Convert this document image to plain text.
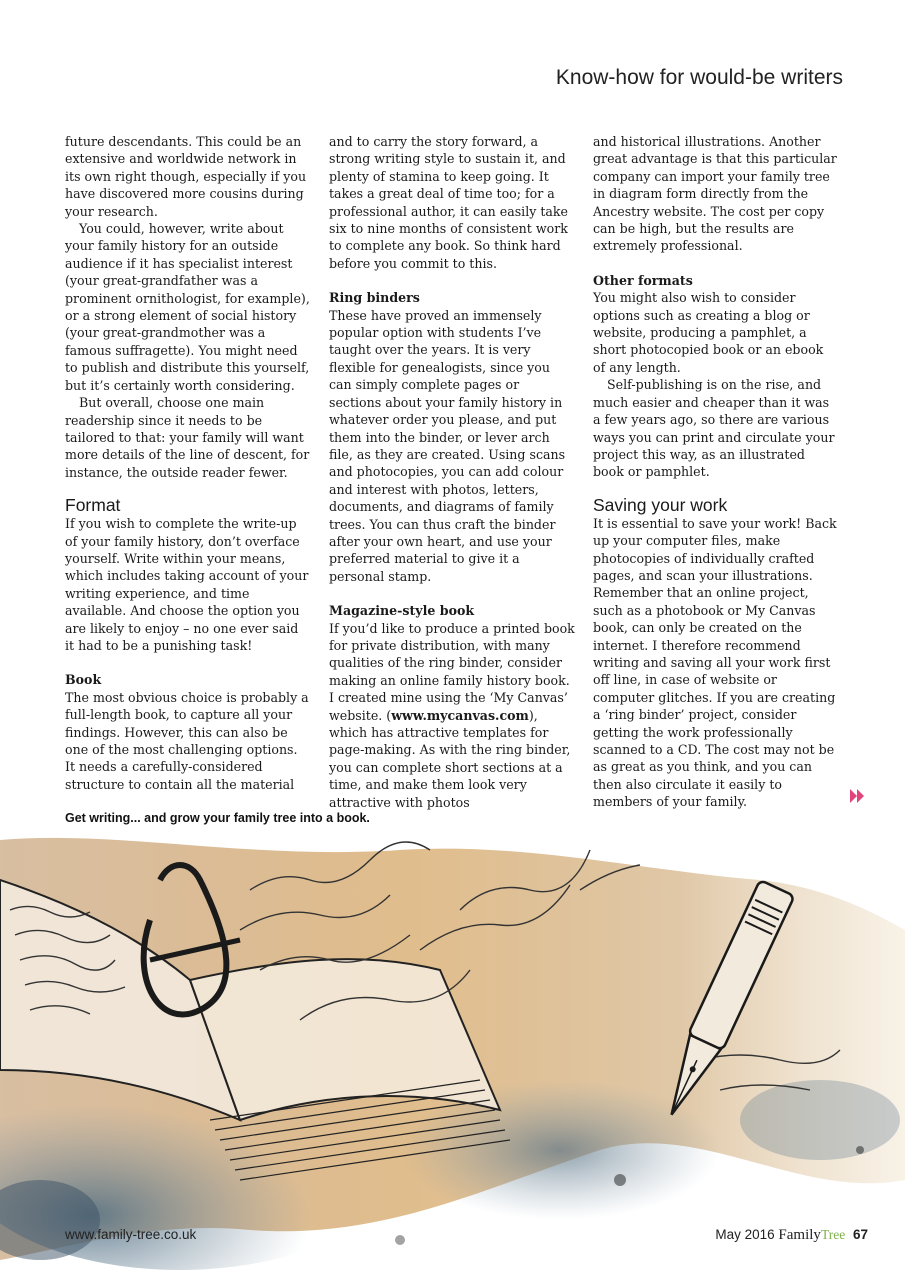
Know-how for would-be writers

future descendants. This could be an extensive and worldwide network in its own right though, especially if you have discovered more cousins during your research.

You could, however, write about your family history for an outside audience if it has specialist interest (your great-grandfather was a prominent ornithologist, for example), or a strong element of social history (your great-grandmother was a famous suffragette). You might need to publish and distribute this yourself, but it’s certainly worth considering.

But overall, choose one main readership since it needs to be tailored to that: your family will want more details of the line of descent, for instance, the outside reader fewer.

Format

If you wish to complete the write-up of your family history, don’t overface yourself. Write within your means, which includes taking account of your writing experience, and time available. And choose the option you are likely to enjoy – no one ever said it had to be a punishing task!

Book

The most obvious choice is probably a full-length book, to capture all your findings. However, this can also be one of the most challenging options. It needs a carefully-considered structure to contain all the material

and to carry the story forward, a strong writing style to sustain it, and plenty of stamina to keep going. It takes a great deal of time too; for a professional author, it can easily take six to nine months of consistent work to complete any book. So think hard before you commit to this.

Ring binders

These have proved an immensely popular option with students I’ve taught over the years. It is very flexible for genealogists, since you can simply complete pages or sections about your family history in whatever order you please, and put them into the binder, or lever arch file, as they are created. Using scans and photocopies, you can add colour and interest with photos, letters, documents, and diagrams of family trees. You can thus craft the binder after your own heart, and use your preferred material to give it a personal stamp.

Magazine-style book

If you’d like to produce a printed book for private distribution, with many qualities of the ring binder, consider making an online family history book. I created mine using the ‘My Canvas’ website. (www.mycanvas.com), which has attractive templates for page-making. As with the ring binder, you can complete short sections at a time, and make them look very attractive with photos

and historical illustrations. Another great advantage is that this particular company can import your family tree in diagram form directly from the Ancestry website. The cost per copy can be high, but the results are extremely professional.

Other formats

You might also wish to consider options such as creating a blog or website, producing a pamphlet, a short photocopied book or an ebook of any length.

Self-publishing is on the rise, and much easier and cheaper than it was a few years ago, so there are various ways you can print and circulate your project this way, as an illustrated book or pamphlet.

Saving your work

It is essential to save your work! Back up your computer files, make photocopies of individually crafted pages, and scan your illustrations. Remember that an online project, such as a photobook or My Canvas book, can only be created on the internet. I therefore recommend writing and saving all your work first off line, in case of website or computer glitches. If you are creating a ‘ring binder’ project, consider getting the work professionally scanned to a CD. The cost may not be as great as you think, and you can then also circulate it easily to members of your family.

Get writing... and grow your family tree into a book.
www.family-tree.co.uk	May 2016 FamilyTree 67
